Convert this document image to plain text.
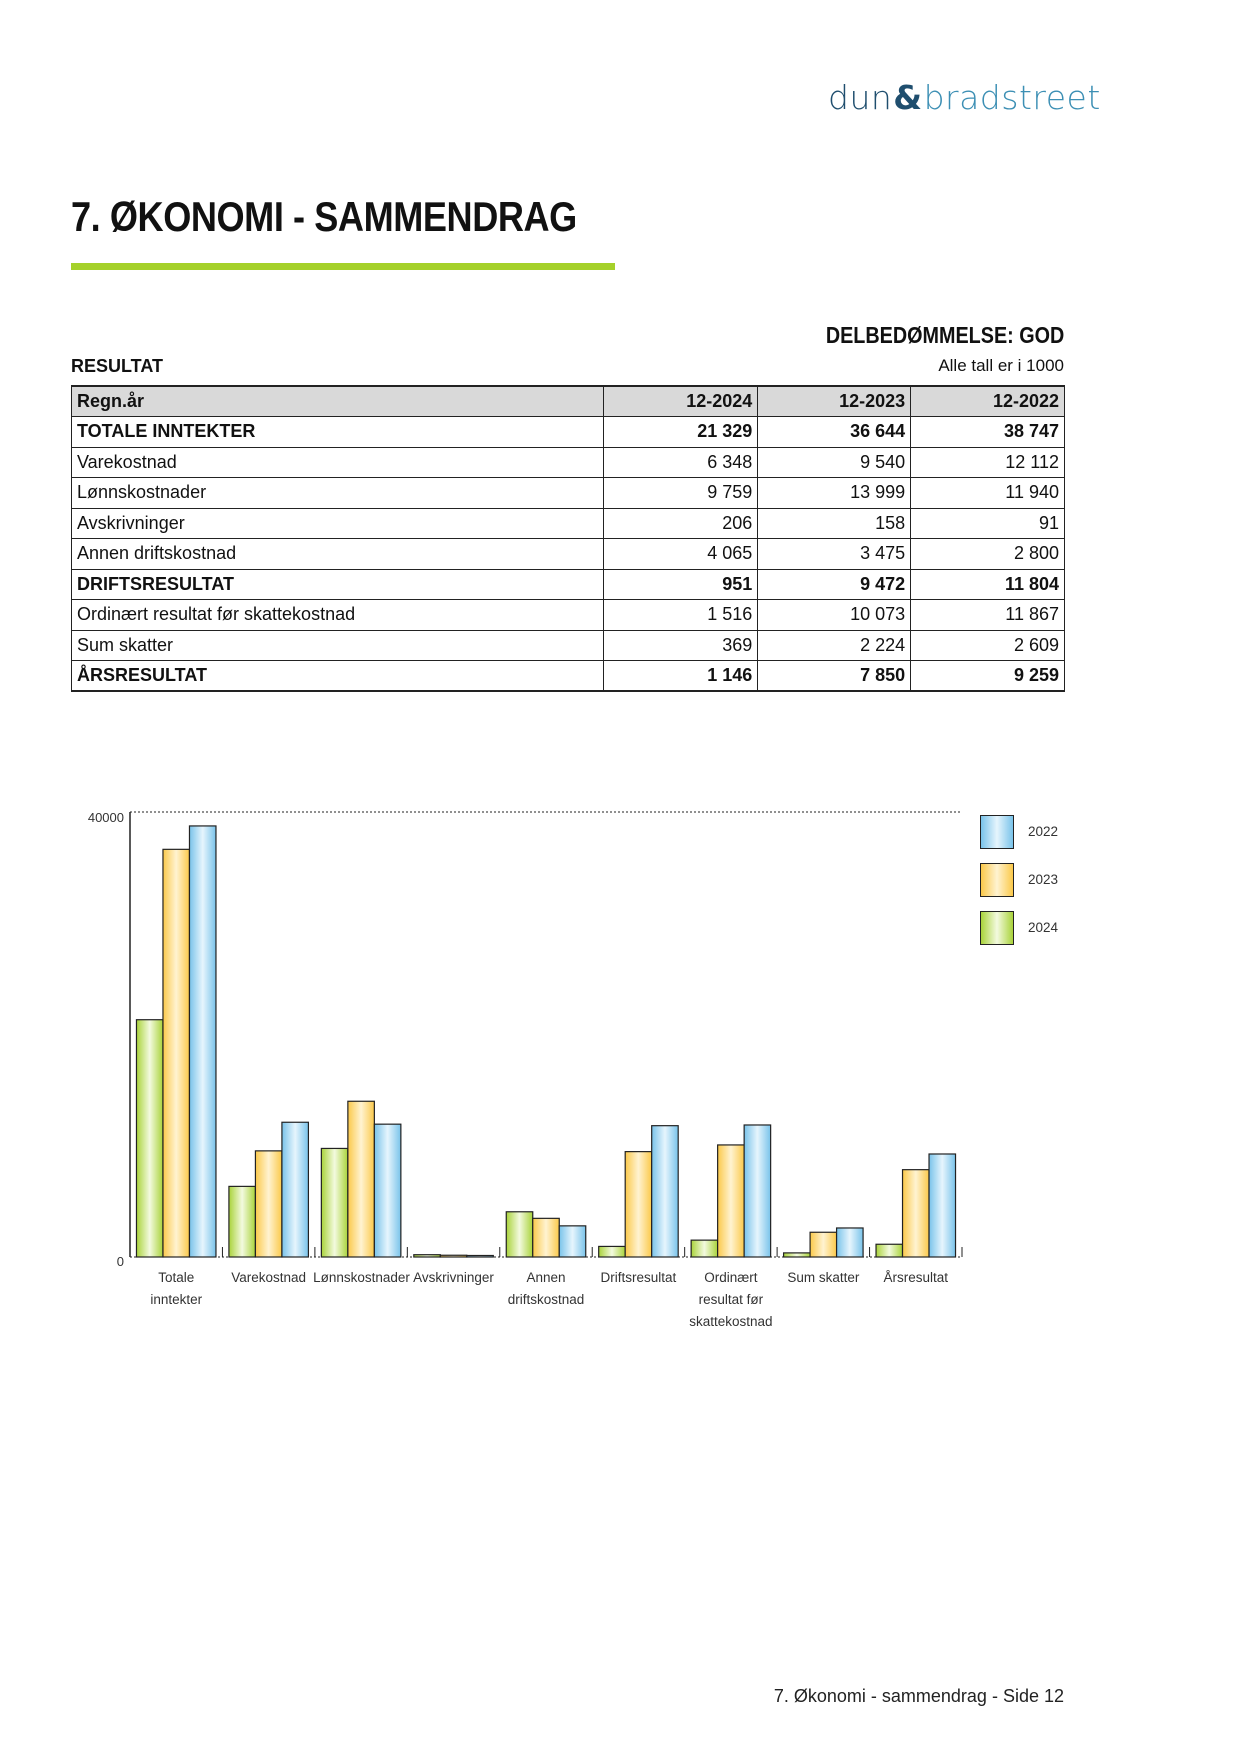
dun&bradstreet
7. ØKONOMI - SAMMENDRAG
DELBEDØMMELSE: GOD
RESULTAT	Alle tall er i 1000
Regn.år	12-2024	12-2023	12-2022
TOTALE INNTEKTER	21 329	36 644	38 747
Varekostnad	6 348	9 540	12 112
Lønnskostnader	9 759	13 999	11 940
Avskrivninger	206	158	91
Annen driftskostnad	4 065	3 475	2 800
DRIFTSRESULTAT	951	9 472	11 804
Ordinært resultat før skattekostnad	1 516	10 073	11 867
Sum skatter	369	2 224	2 609
ÅRSRESULTAT	1 146	7 850	9 259
40000
0
Totale
inntekter
Varekostnad Lønnskostnader Avskrivninger	Annen
driftskostnad
Driftsresultat	Ordinært
resultat før
skattekostnad
Sum skatter	Årsresultat
2022
2023
2024
7. Økonomi - sammendrag - Side 12
